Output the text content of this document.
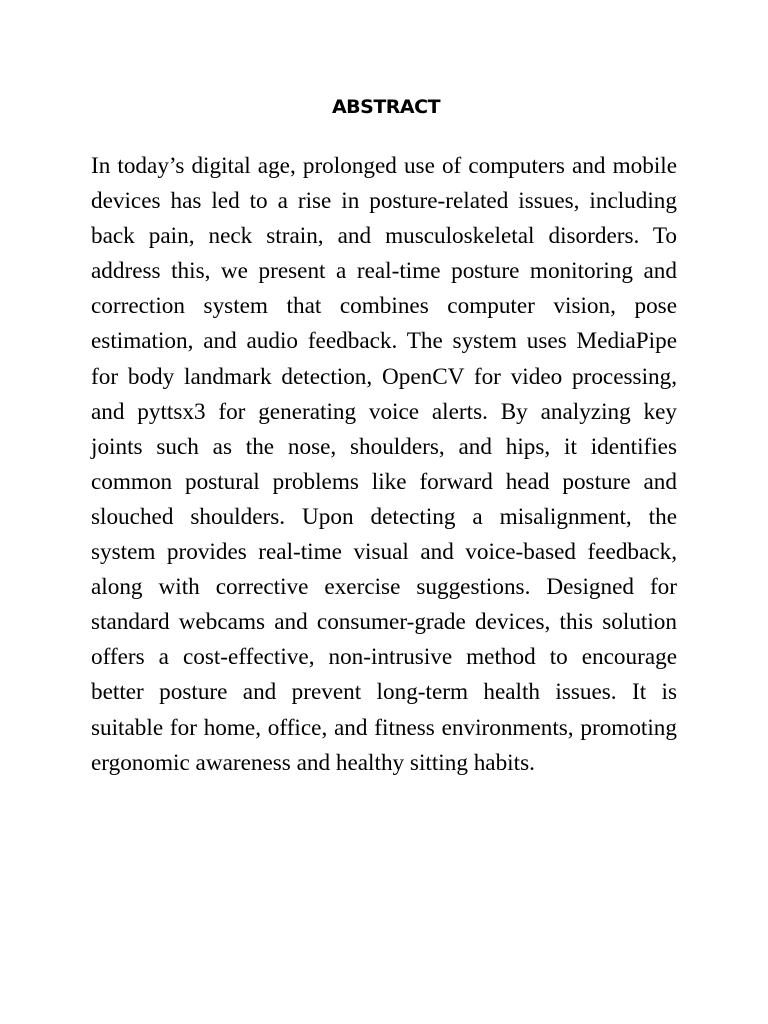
ABSTRACT

In today’s digital age, prolonged use of computers and mobile devices has led to a rise in posture-related issues, including back pain, neck strain, and musculoskeletal disorders. To address this, we present a real-time posture monitoring and correction system that combines computer vision, pose estimation, and audio feedback. The system uses MediaPipe for body landmark detection, OpenCV for video processing, and pyttsx3 for generating voice alerts. By analyzing key joints such as the nose, shoulders, and hips, it identifies common postural problems like forward head posture and slouched shoulders. Upon detecting a misalignment, the system provides real-time visual and voice-based feedback, along with corrective exercise suggestions. Designed for standard webcams and consumer-grade devices, this solution offers a cost-effective, non-intrusive method to encourage better posture and prevent long-term health issues. It is suitable for home, office, and fitness environments, promoting ergonomic awareness and healthy sitting habits.
